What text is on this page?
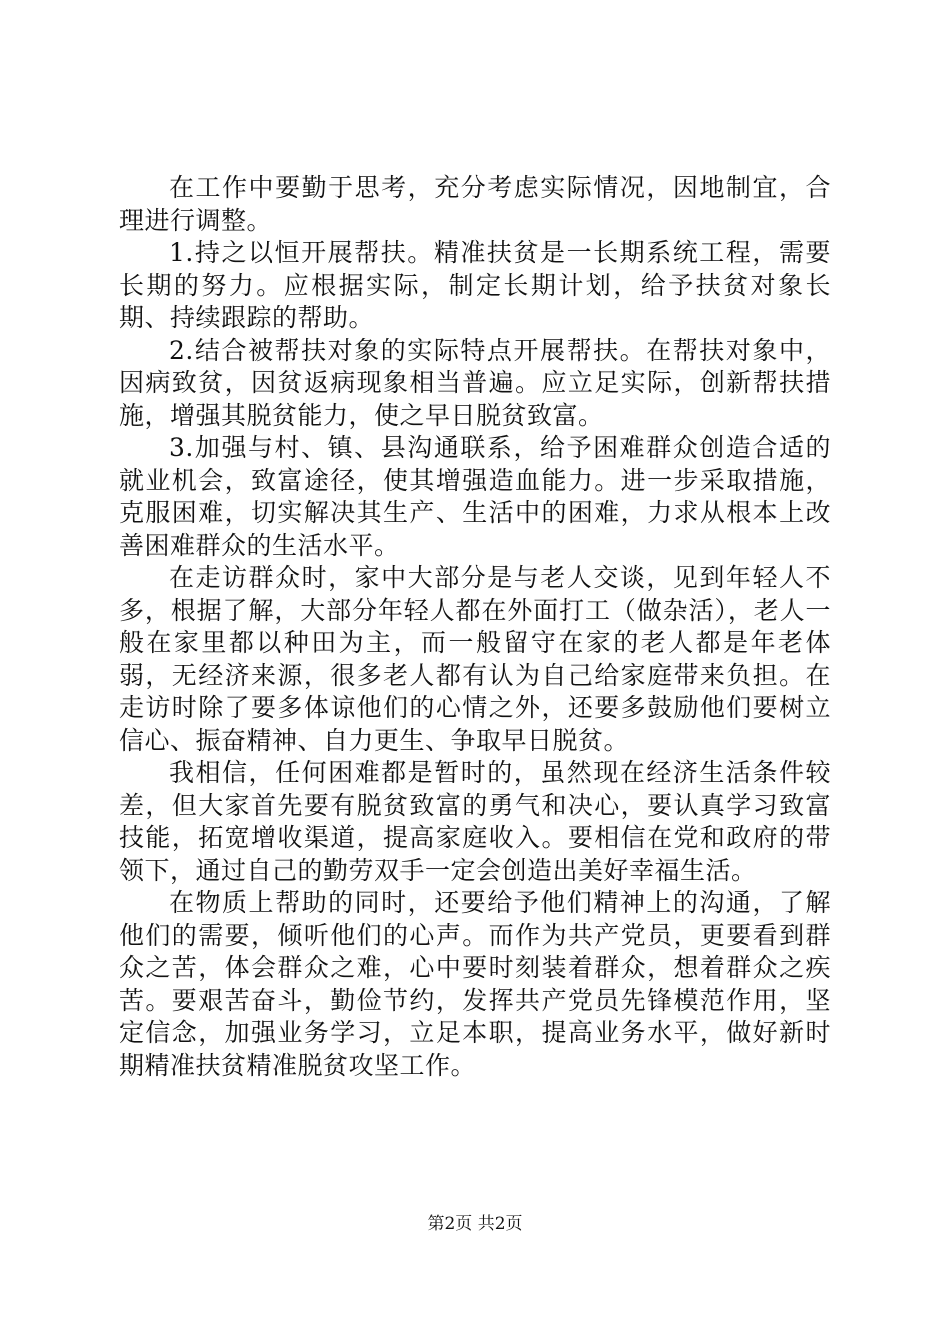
在工作中要勤于思考，充分考虑实际情况，因地制宜，合理进行调整。

1.持之以恒开展帮扶。精准扶贫是一长期系统工程，需要长期的努力。应根据实际，制定长期计划，给予扶贫对象长期、持续跟踪的帮助。

2.结合被帮扶对象的实际特点开展帮扶。在帮扶对象中，因病致贫，因贫返病现象相当普遍。应立足实际，创新帮扶措施，增强其脱贫能力，使之早日脱贫致富。

3.加强与村、镇、县沟通联系，给予困难群众创造合适的就业机会，致富途径，使其增强造血能力。进一步采取措施，克服困难，切实解决其生产、生活中的困难，力求从根本上改善困难群众的生活水平。

在走访群众时，家中大部分是与老人交谈，见到年轻人不多，根据了解，大部分年轻人都在外面打工（做杂活），老人一般在家里都以种田为主，而一般留守在家的老人都是年老体弱，无经济来源，很多老人都有认为自己给家庭带来负担。在走访时除了要多体谅他们的心情之外，还要多鼓励他们要树立信心、振奋精神、自力更生、争取早日脱贫。

我相信，任何困难都是暂时的，虽然现在经济生活条件较差，但大家首先要有脱贫致富的勇气和决心，要认真学习致富技能，拓宽增收渠道，提高家庭收入。要相信在党和政府的带领下，通过自己的勤劳双手一定会创造出美好幸福生活。

在物质上帮助的同时，还要给予他们精神上的沟通，了解他们的需要，倾听他们的心声。而作为共产党员，更要看到群众之苦，体会群众之难，心中要时刻装着群众，想着群众之疾苦。要艰苦奋斗，勤俭节约，发挥共产党员先锋模范作用，坚定信念，加强业务学习，立足本职，提高业务水平，做好新时期精准扶贫精准脱贫攻坚工作。

第2页 共2页
